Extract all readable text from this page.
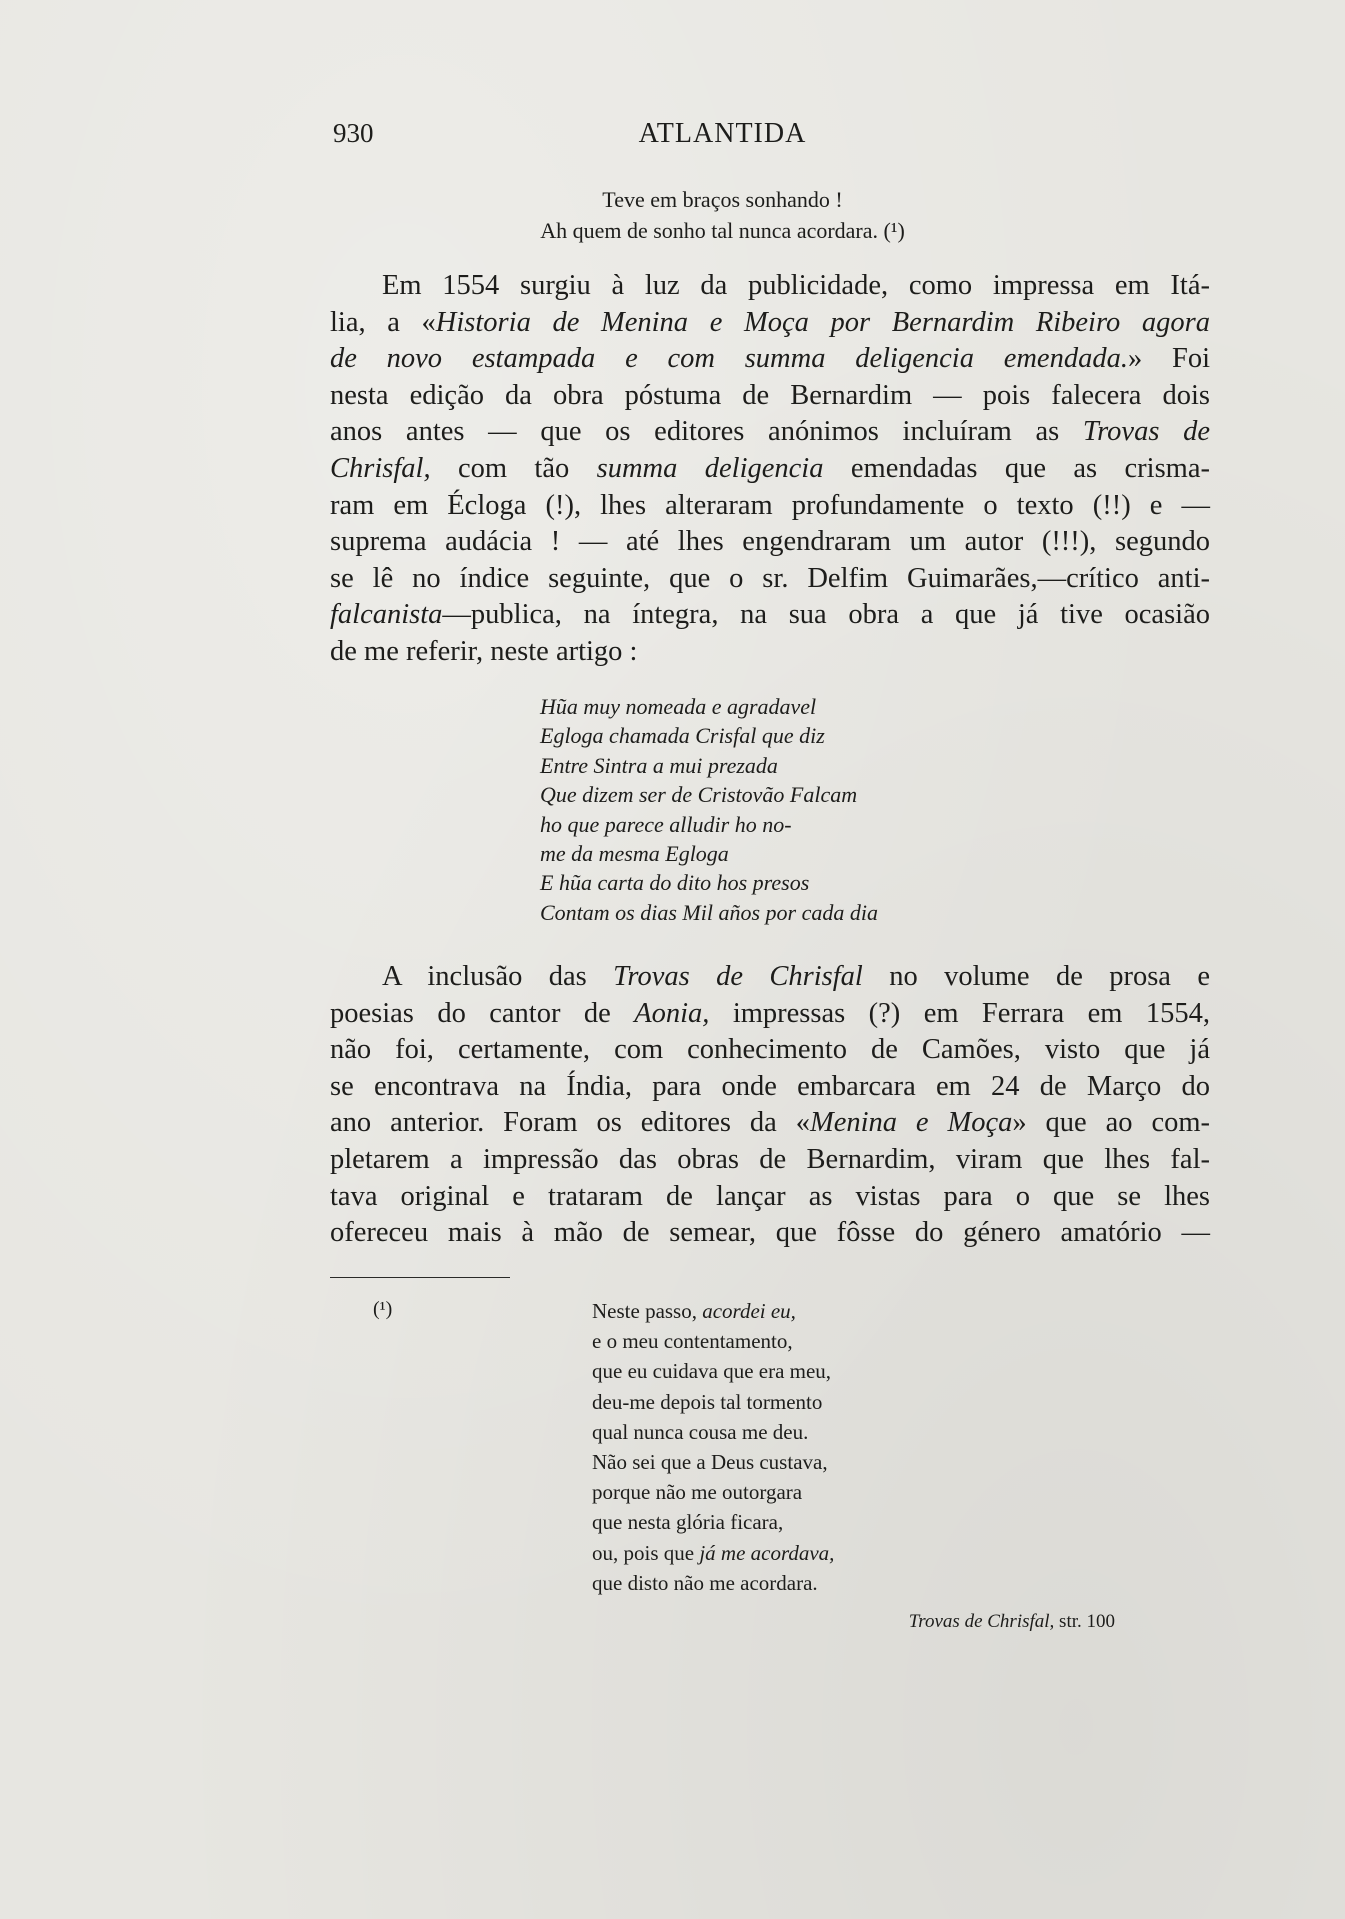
930	ATLANTIDA
Teve em braços sonhando !
Ah quem de sonho tal nunca acordara. (¹)
Em 1554 surgiu à luz da publicidade, como impressa em Itá-
lia, a «Historia de Menina e Moça por Bernardim Ribeiro agora
de novo estampada e com summa deligencia emendada.» Foi
nesta edição da obra póstuma de Bernardim — pois falecera dois
anos antes — que os editores anónimos incluíram as Trovas de
Chrisfal, com tão summa deligencia emendadas que as crisma-
ram em Écloga (!), lhes alteraram profundamente o texto (!!) e —
suprema audácia ! — até lhes engendraram um autor (!!!), segundo
se lê no índice seguinte, que o sr. Delfim Guimarães,—crítico anti-
falcanista—publica, na íntegra, na sua obra a que já tive ocasião
de me referir, neste artigo :
Hũa muy nomeada e agradavel
Egloga chamada Crisfal que diz
Entre Sintra a mui prezada
Que dizem ser de Cristovão Falcam
ho que parece alludir ho no-
me da mesma Egloga
E hũa carta do dito hos presos
Contam os dias Mil años por cada dia
A inclusão das Trovas de Chrisfal no volume de prosa e
poesias do cantor de Aonia, impressas (?) em Ferrara em 1554,
não foi, certamente, com conhecimento de Camões, visto que já
se encontrava na Índia, para onde embarcara em 24 de Março do
ano anterior. Foram os editores da «Menina e Moça» que ao com-
pletarem a impressão das obras de Bernardim, viram que lhes fal-
tava original e trataram de lançar as vistas para o que se lhes
ofereceu mais à mão de semear, que fôsse do género amatório —
(¹)	Neste passo, acordei eu,
e o meu contentamento,
que eu cuidava que era meu,
deu-me depois tal tormento
qual nunca cousa me deu.
Não sei que a Deus custava,
porque não me outorgara
que nesta glória ficara,
ou, pois que já me acordava,
que disto não me acordara.
Trovas de Chrisfal, str. 100
